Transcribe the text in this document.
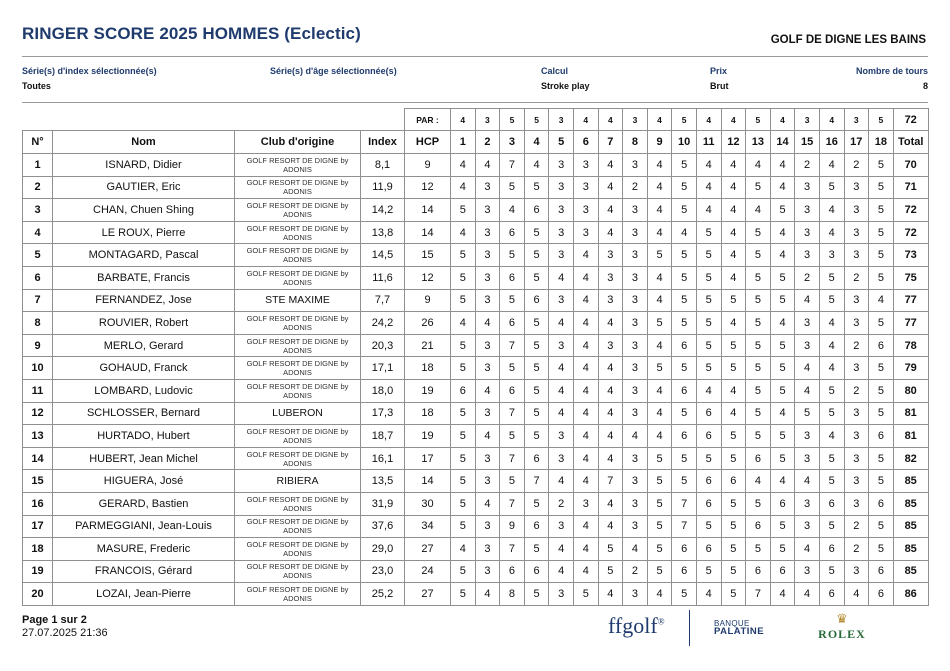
RINGER SCORE 2025 HOMMES (Eclectic)	GOLF DE DIGNE LES BAINS
Série(s) d'index sélectionnée(s)
Toutes
Série(s) d'âge sélectionnée(s)	Calcul
Stroke play
Prix
Brut
Nombre de tours
8
				PAR :	4	3	5	5	3	4	4	3	4	5	4	4	5	4	3	4	3	5	72
N°	Nom	Club d'origine	Index	HCP	1	2	3	4	5	6	7	8	9	10	11	12	13	14	15	16	17	18	Total
1	ISNARD, Didier	GOLF RESORT DE DIGNE by ADONIS	8,1	9	4	4	7	4	3	3	4	3	4	5	4	4	4	4	2	4	2	5	70
2	GAUTIER, Eric	GOLF RESORT DE DIGNE by ADONIS	11,9	12	4	3	5	5	3	3	4	2	4	5	4	4	5	4	3	5	3	5	71
3	CHAN, Chuen Shing	GOLF RESORT DE DIGNE by ADONIS	14,2	14	5	3	4	6	3	3	4	3	4	5	4	4	4	5	3	4	3	5	72
4	LE ROUX, Pierre	GOLF RESORT DE DIGNE by ADONIS	13,8	14	4	3	6	5	3	3	4	3	4	4	5	4	5	4	3	4	3	5	72
5	MONTAGARD, Pascal	GOLF RESORT DE DIGNE by ADONIS	14,5	15	5	3	5	5	3	4	3	3	5	5	5	4	5	4	3	3	3	5	73
6	BARBATE, Francis	GOLF RESORT DE DIGNE by ADONIS	11,6	12	5	3	6	5	4	4	3	3	4	5	5	4	5	5	2	5	2	5	75
7	FERNANDEZ, Jose	STE MAXIME	7,7	9	5	3	5	6	3	4	3	3	4	5	5	5	5	5	4	5	3	4	77
8	ROUVIER, Robert	GOLF RESORT DE DIGNE by ADONIS	24,2	26	4	4	6	5	4	4	4	3	5	5	5	4	5	4	3	4	3	5	77
9	MERLO, Gerard	GOLF RESORT DE DIGNE by ADONIS	20,3	21	5	3	7	5	3	4	3	3	4	6	5	5	5	5	3	4	2	6	78
10	GOHAUD, Franck	GOLF RESORT DE DIGNE by ADONIS	17,1	18	5	3	5	5	4	4	4	3	5	5	5	5	5	5	4	4	3	5	79
11	LOMBARD, Ludovic	GOLF RESORT DE DIGNE by ADONIS	18,0	19	6	4	6	5	4	4	4	3	4	6	4	4	5	5	4	5	2	5	80
12	SCHLOSSER, Bernard	LUBERON	17,3	18	5	3	7	5	4	4	4	3	4	5	6	4	5	4	5	5	3	5	81
13	HURTADO, Hubert	GOLF RESORT DE DIGNE by ADONIS	18,7	19	5	4	5	5	3	4	4	4	4	6	6	5	5	5	3	4	3	6	81
14	HUBERT, Jean Michel	GOLF RESORT DE DIGNE by ADONIS	16,1	17	5	3	7	6	3	4	4	3	5	5	5	5	6	5	3	5	3	5	82
15	HIGUERA, José	RIBIERA	13,5	14	5	3	5	7	4	4	7	3	5	5	6	6	4	4	4	5	3	5	85
16	GERARD, Bastien	GOLF RESORT DE DIGNE by ADONIS	31,9	30	5	4	7	5	2	3	4	3	5	7	6	5	5	6	3	6	3	6	85
17	PARMEGGIANI, Jean-Louis	GOLF RESORT DE DIGNE by ADONIS	37,6	34	5	3	9	6	3	4	4	3	5	7	5	5	6	5	3	5	2	5	85
18	MASURE, Frederic	GOLF RESORT DE DIGNE by ADONIS	29,0	27	4	3	7	5	4	4	5	4	5	6	6	5	5	5	4	6	2	5	85
19	FRANCOIS, Gérard	GOLF RESORT DE DIGNE by ADONIS	23,0	24	5	3	6	6	4	4	5	2	5	6	5	5	6	6	3	5	3	6	85
20	LOZAI, Jean-Pierre	GOLF RESORT DE DIGNE by ADONIS	25,2	27	5	4	8	5	3	5	4	3	4	5	4	5	7	4	4	6	4	6	86
Page 1 sur 2
27.07.2025 21:36	ffgolf®	BANQUE
PALATINE
♛
ROLEX
